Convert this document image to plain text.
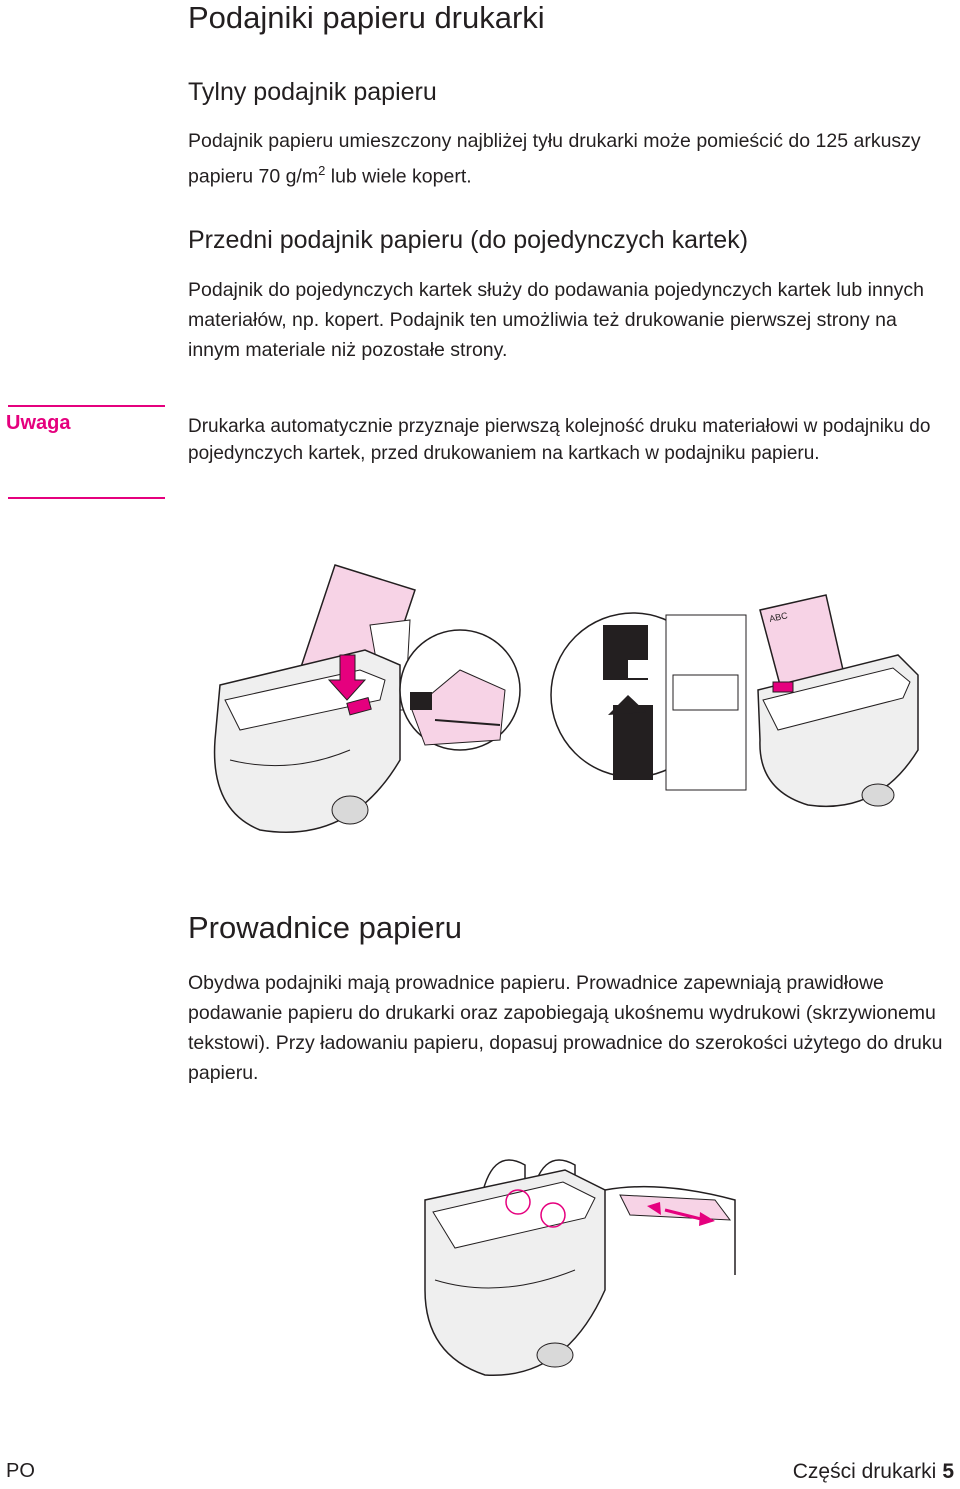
Podajniki papieru drukarki
Tylny podajnik papieru

Podajnik papieru umieszczony najbliżej tyłu drukarki może pomieścić do 125 arkuszy papieru 70 $g/m^2$ lub wiele kopert.

Przedni podajnik papieru (do pojedynczych kartek)

Podajnik do pojedynczych kartek służy do podawania pojedynczych kartek lub innych materiałów, np. kopert. Podajnik ten umożliwia też drukowanie pierwszej strony na innym materiale niż pozostałe strony.

Uwaga	Drukarka automatycznie przyznaje pierwszą kolejność druku materiałowi w podajniku do pojedynczych kartek, przed drukowaniem na kartkach w podajniku papieru.

ABC
Prowadnice papieru

Obydwa podajniki mają prowadnice papieru. Prowadnice zapewniają prawidłowe podawanie papieru do drukarki oraz zapobiegają ukośnemu wydrukowi (skrzywionemu tekstowi). Przy ładowaniu papieru, dopasuj prowadnice do szerokości użytego do druku papieru.

PO	Części drukarki 5
